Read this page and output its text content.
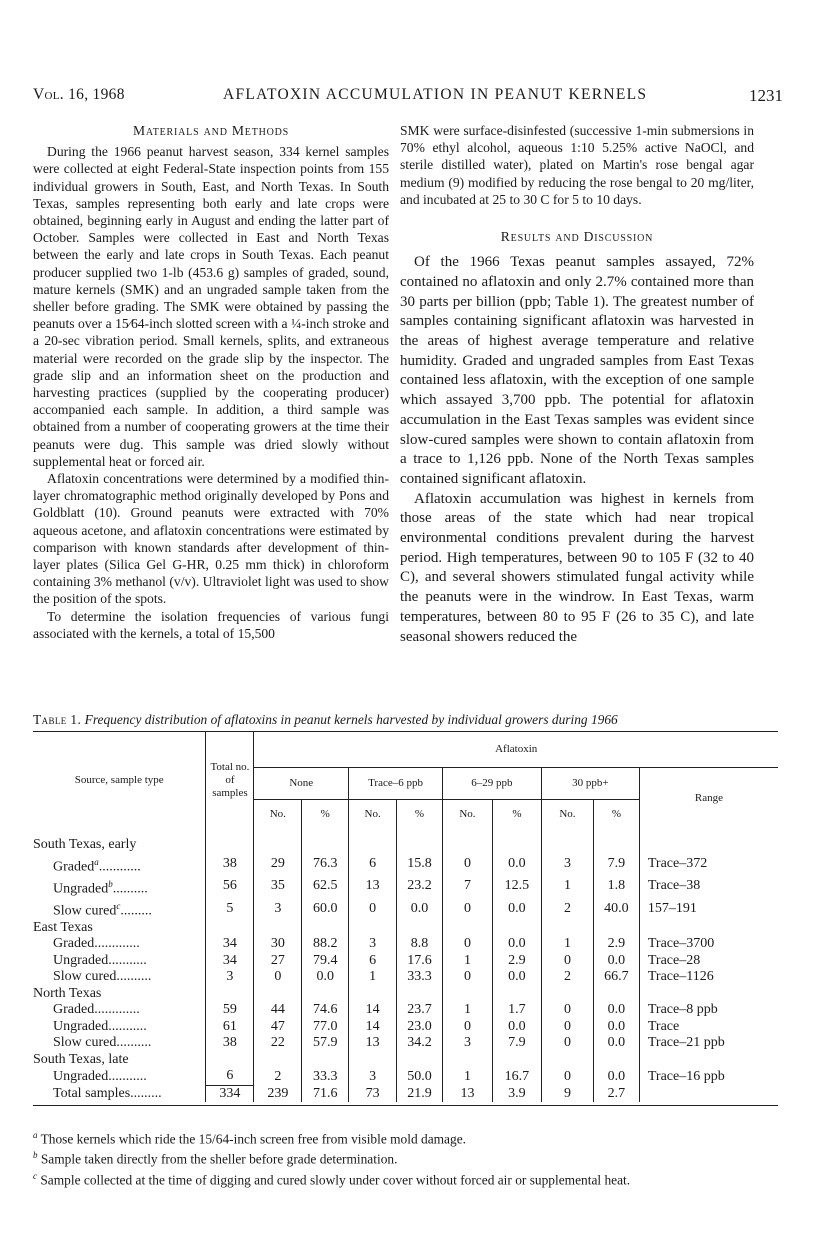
Vol. 16, 1968	AFLATOXIN ACCUMULATION IN PEANUT KERNELS	1231
Materials and Methods

During the 1966 peanut harvest season, 334 kernel samples were collected at eight Federal-State inspection points from 155 individual growers in South, East, and North Texas. In South Texas, samples representing both early and late crops were obtained, beginning early in August and ending the latter part of October. Samples were collected in East and North Texas between the early and late crops in South Texas. Each peanut producer supplied two 1-lb (453.6 g) samples of graded, sound, mature kernels (SMK) and an ungraded sample taken from the sheller before grading. The SMK were obtained by passing the peanuts over a 15⁄64-inch slotted screen with a ¼-inch stroke and a 20-sec vibration period. Small kernels, splits, and extraneous material were recorded on the grade slip by the inspector. The grade slip and an information sheet on the production and harvesting practices (supplied by the cooperating producer) accompanied each sample. In addition, a third sample was obtained from a number of cooperating growers at the time their peanuts were dug. This sample was dried slowly without supplemental heat or forced air.

Aflatoxin concentrations were determined by a modified thin-layer chromatographic method originally developed by Pons and Goldblatt (10). Ground peanuts were extracted with 70% aqueous acetone, and aflatoxin concentrations were estimated by comparison with known standards after development of thin-layer plates (Silica Gel G-HR, 0.25 mm thick) in chloroform containing 3% methanol (v/v). Ultraviolet light was used to show the position of the spots.

To determine the isolation frequencies of various fungi associated with the kernels, a total of 15,500

SMK were surface-disinfested (successive 1-min submersions in 70% ethyl alcohol, aqueous 1:10 5.25% active NaOCl, and sterile distilled water), plated on Martin's rose bengal agar medium (9) modified by reducing the rose bengal to 20 mg/liter, and incubated at 25 to 30 C for 5 to 10 days.

Results and Discussion

Of the 1966 Texas peanut samples assayed, 72% contained no aflatoxin and only 2.7% contained more than 30 parts per billion (ppb; Table 1). The greatest number of samples containing significant aflatoxin was harvested in the areas of highest average temperature and relative humidity. Graded and ungraded samples from East Texas contained less aflatoxin, with the exception of one sample which assayed 3,700 ppb. The potential for aflatoxin accumulation in the East Texas samples was evident since slow-cured samples were shown to contain aflatoxin from a trace to 1,126 ppb. None of the North Texas samples contained significant aflatoxin.

Aflatoxin accumulation was highest in kernels from those areas of the state which had near tropical environmental conditions prevalent during the harvest period. High temperatures, between 90 to 105 F (32 to 40 C), and several showers stimulated fungal activity while the peanuts were in the windrow. In East Texas, warm temperatures, between 80 to 95 F (26 to 35 C), and late seasonal showers reduced the

Table 1. Frequency distribution of aflatoxins in peanut kernels harvested by individual growers during 1966
Source, sample type	Total no. of samples	Aflatoxin								
		None		Trace–6 ppb		6–29 ppb		30 ppb+		Range
		No.	%	No.	%	No.	%	No.	%	
South Texas, early										
Graded$^a$............	38	29	76.3	6	15.8	0	0.0	3	7.9	Trace–372
Ungraded$^b$..........	56	35	62.5	13	23.2	7	12.5	1	1.8	Trace–38
Slow cured$^c$.........	5	3	60.0	0	0.0	0	0.0	2	40.0	157–191
East Texas										
Graded.............	34	30	88.2	3	8.8	0	0.0	1	2.9	Trace–3700
Ungraded...........	34	27	79.4	6	17.6	1	2.9	0	0.0	Trace–28
Slow cured..........	3	0	0.0	1	33.3	0	0.0	2	66.7	Trace–1126
North Texas										
Graded.............	59	44	74.6	14	23.7	1	1.7	0	0.0	Trace–8 ppb
Ungraded...........	61	47	77.0	14	23.0	0	0.0	0	0.0	Trace
Slow cured..........	38	22	57.9	13	34.2	3	7.9	0	0.0	Trace–21 ppb
South Texas, late										
Ungraded...........	6	2	33.3	3	50.0	1	16.7	0	0.0	Trace–16 ppb
Total samples.........	334	239	71.6	73	21.9	13	3.9	9	2.7	
$^a$ Those kernels which ride the 15/64-inch screen free from visible mold damage.
$^b$ Sample taken directly from the sheller before grade determination.
$^c$ Sample collected at the time of digging and cured slowly under cover without forced air or supplemental heat.
